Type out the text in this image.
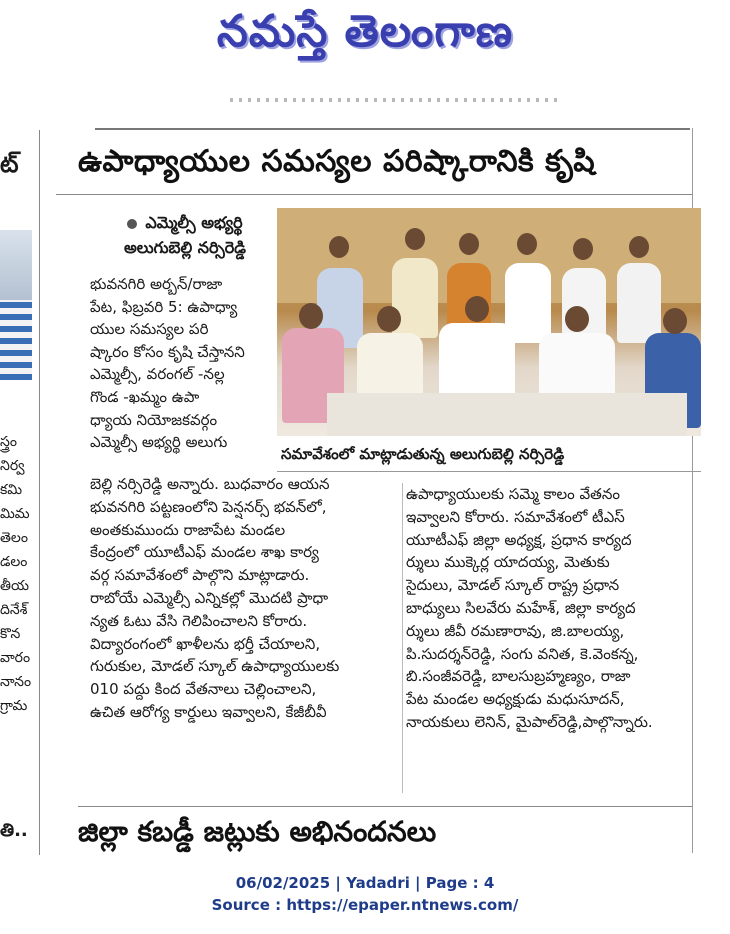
నమస్తే తెలంగాణ
ట్
స్త్రం
నిర్వ
కమి
మిమ
తెలం
డలం
తీయ
దినేశ్
కొన
వారం
నానం
గ్రామ
తి..
ఉపాధ్యాయుల సమస్యల పరిష్కారానికి కృషి
ఎమ్మెల్సీ అభ్యర్థి
అలుగుబెల్లి నర్సిరెడ్డి
సమావేశంలో మాట్లాడుతున్న అలుగుబెల్లి నర్సిరెడ్డి
భువనగిరి అర్బన్/రాజా
పేట, ఫిబ్రవరి 5: ఉపాధ్యా
యుల సమస్యల పరి
ష్కారం కోసం కృషి చేస్తానని
ఎమ్మెల్సీ, వరంగల్ -నల్ల
గొండ -ఖమ్మం ఉపా
ధ్యాయ నియోజకవర్గం
ఎమ్మెల్సీ అభ్యర్థి అలుగు
బెల్లి నర్సిరెడ్డి అన్నారు. బుధవారం ఆయన
భువనగిరి పట్టణంలోని పెన్షనర్స్ భవన్‌లో,
అంతకుముందు రాజాపేట మండల
కేంద్రంలో యూటీఎఫ్ మండల శాఖ కార్య
వర్గ సమావేశంలో పాల్గొని మాట్లాడారు.
రాబోయే ఎమ్మెల్సీ ఎన్నికల్లో మొదటి ప్రాధా
న్యత ఓటు వేసి గెలిపించాలని కోరారు.
విద్యారంగంలో ఖాళీలను భర్తీ చేయాలని,
గురుకుల, మోడల్ స్కూల్ ఉపాధ్యాయులకు
010 పద్దు కింద వేతనాలు చెల్లించాలని,
ఉచిత ఆరోగ్య కార్డులు ఇవ్వాలని, కేజీబీవీ
ఉపాధ్యాయులకు సమ్మె కాలం వేతనం
ఇవ్వాలని కోరారు. సమావేశంలో టీఎస్
యూటీఎఫ్ జిల్లా అధ్యక్ష, ప్రధాన కార్యద
ర్శులు ముక్కెర్ల యాదయ్య, మెతుకు
సైదులు, మోడల్ స్కూల్ రాష్ట్ర ప్రధాన
బాధ్యులు సిలవేరు మహేశ్, జిల్లా కార్యద
ర్శులు జీవీ రమణారావు, జి.బాలయ్య,
పి.సుదర్శన్‌రెడ్డి, సంగు వనిత, కె.వెంకన్న,
బి.సంజీవరెడ్డి, బాలసుబ్రహ్మణ్యం, రాజా
పేట మండల అధ్యక్షుడు మధుసూదన్,
నాయకులు లెనిన్, మైపాల్‌రెడ్డి,పాల్గొన్నారు.
జిల్లా కబడ్డీ జట్లుకు అభినందనలు
06/02/2025 | Yadadri | Page : 4
Source : https://epaper.ntnews.com/
